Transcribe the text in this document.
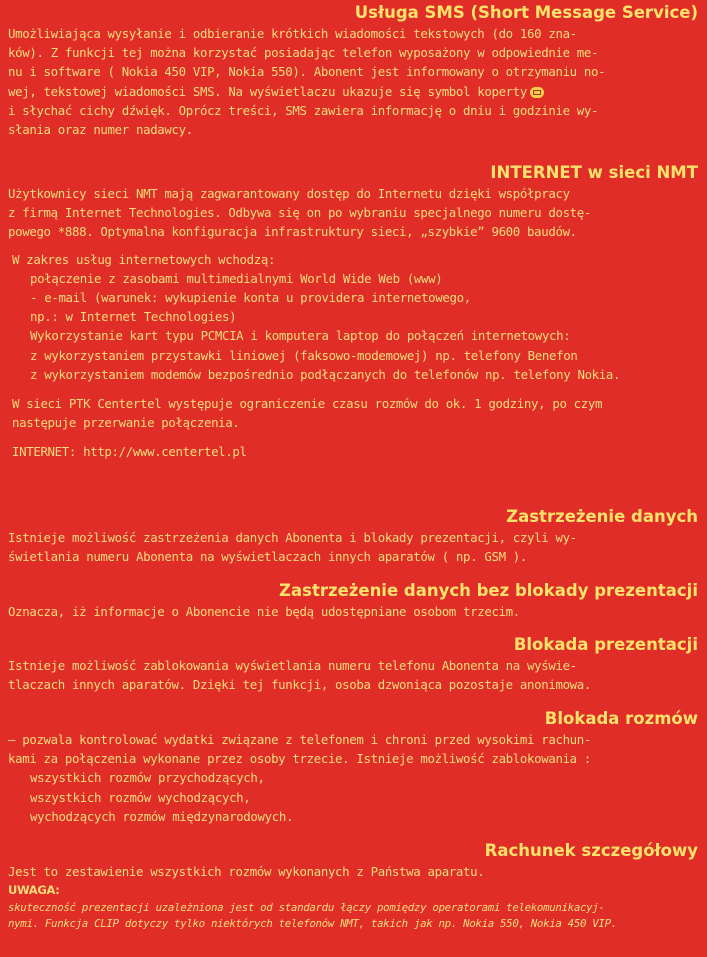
Usługa SMS (Short Message Service)

Umożliwiająca wysyłanie i odbieranie krótkich wiadomości tekstowych (do 160 zna-

ków). Z funkcji tej można korzystać posiadając telefon wyposażony w odpowiednie me-

nu i software ( Nokia 450 VIP, Nokia 550). Abonent jest informowany o otrzymaniu no-

wej, tekstowej wiadomości SMS. Na wyświetlaczu ukazuje się symbol koperty

i słychać cichy dźwięk. Oprócz treści, SMS zawiera informację o dniu i godzinie wy-

słania oraz numer nadawcy.

INTERNET w sieci NMT

Użytkownicy sieci NMT mają zagwarantowany dostęp do Internetu dzięki współpracy

z firmą Internet Technologies. Odbywa się on po wybraniu specjalnego numeru dostę-

powego *888. Optymalna konfiguracja infrastruktury sieci, „szybkie” 9600 baudów.

W zakres usług internetowych wchodzą:

połączenie z zasobami multimedialnymi World Wide Web (www)

- e-mail (warunek: wykupienie konta u providera internetowego,

np.: w Internet Technologies)

Wykorzystanie kart typu PCMCIA i komputera laptop do połączeń internetowych:

z wykorzystaniem przystawki liniowej (faksowo-modemowej) np. telefony Benefon

z wykorzystaniem modemów bezpośrednio podłączanych do telefonów np. telefony Nokia.

W sieci PTK Centertel występuje ograniczenie czasu rozmów do ok. 1 godziny, po czym

następuje przerwanie połączenia.

INTERNET: http://www.centertel.pl

Zastrzeżenie danych

Istnieje możliwość zastrzeżenia danych Abonenta i blokady prezentacji, czyli wy-

świetlania numeru Abonenta na wyświetlaczach innych aparatów ( np. GSM ).

Zastrzeżenie danych bez blokady prezentacji

Oznacza, iż informacje o Abonencie nie będą udostępniane osobom trzecim.

Blokada prezentacji

Istnieje możliwość zablokowania wyświetlania numeru telefonu Abonenta na wyświe-

tlaczach innych aparatów. Dzięki tej funkcji, osoba dzwoniąca pozostaje anonimowa.

Blokada rozmów

– pozwala kontrolować wydatki związane z telefonem i chroni przed wysokimi rachun-

kami za połączenia wykonane przez osoby trzecie. Istnieje możliwość zablokowania :

wszystkich rozmów przychodzących,

wszystkich rozmów wychodzących,

wychodzących rozmów międzynarodowych.

Rachunek szczegółowy

Jest to zestawienie wszystkich rozmów wykonanych z Państwa aparatu.

UWAGA:

skuteczność prezentacji uzależniona jest od standardu łączy pomiędzy operatorami telekomunikacyj-

nymi. Funkcja CLIP dotyczy tylko niektórych telefonów NMT, takich jak np. Nokia 550, Nokia 450 VIP.
